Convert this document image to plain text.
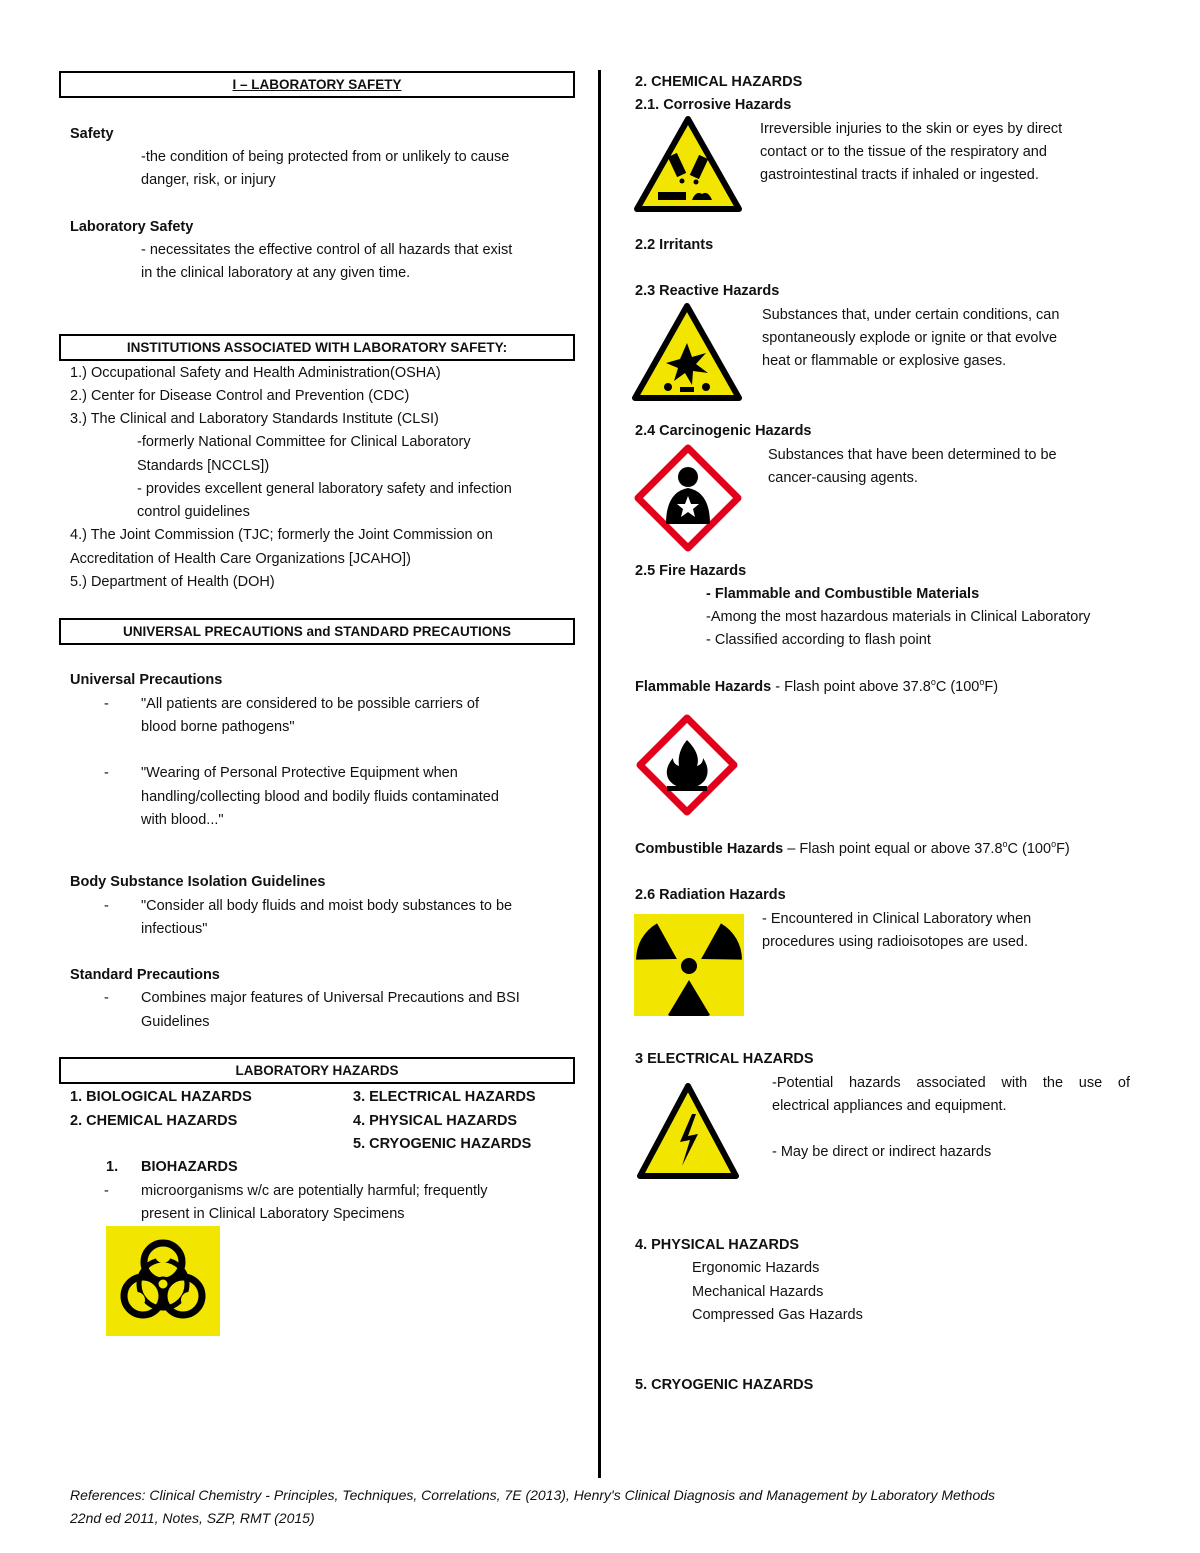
I – LABORATORY SAFETY
Safety
-the condition of being protected from or unlikely to cause
danger, risk, or injury
Laboratory Safety
- necessitates the effective control of all hazards that exist
in the clinical laboratory at any given time.
INSTITUTIONS ASSOCIATED WITH LABORATORY SAFETY:
1.) Occupational Safety and Health Administration(OSHA)
2.) Center for Disease Control and Prevention (CDC)
3.) The Clinical and Laboratory Standards Institute (CLSI)
-formerly National Committee for Clinical Laboratory
Standards [NCCLS])
- provides excellent general laboratory safety and infection
control guidelines
4.) The Joint Commission (TJC; formerly the Joint Commission on
Accreditation of Health Care Organizations [JCAHO])
5.) Department of Health (DOH)
UNIVERSAL PRECAUTIONS and STANDARD PRECAUTIONS
Universal Precautions
- "All patients are considered to be possible carriers of
blood borne pathogens"
- "Wearing of Personal Protective Equipment when
handling/collecting blood and bodily fluids contaminated
with blood..."
Body Substance Isolation Guidelines
- "Consider all body fluids and moist body substances to be
infectious"
Standard Precautions
- Combines major features of Universal Precautions and BSI
Guidelines
LABORATORY HAZARDS
1. BIOLOGICAL HAZARDS
2. CHEMICAL HAZARDS
3. ELECTRICAL HAZARDS
4. PHYSICAL HAZARDS
5. CRYOGENIC HAZARDS
1. BIOHAZARDS
- microorganisms w/c are potentially harmful; frequently
present in Clinical Laboratory Specimens
2. CHEMICAL HAZARDS
2.1. Corrosive Hazards
Irreversible injuries to the skin or eyes by direct
contact or to the tissue of the respiratory and
gastrointestinal tracts if inhaled or ingested.
2.2 Irritants
2.3 Reactive Hazards
Substances that, under certain conditions, can
spontaneously explode or ignite or that evolve
heat or flammable or explosive gases.
2.4 Carcinogenic Hazards
Substances that have been determined to be
cancer-causing agents.
2.5 Fire Hazards
- Flammable and Combustible Materials
-Among the most hazardous materials in Clinical Laboratory
- Classified according to flash point
Flammable Hazards - Flash point above 37.8$^o$C (100$^o$F)
Combustible Hazards – Flash point equal or above 37.8$^o$C (100$^o$F)
2.6 Radiation Hazards
- Encountered in Clinical Laboratory when
procedures using radioisotopes are used.
3 ELECTRICAL HAZARDS
-Potential hazards associated with the use of
electrical appliances and equipment.
- May be direct or indirect hazards
4. PHYSICAL HAZARDS
Ergonomic Hazards
Mechanical Hazards
Compressed Gas Hazards
5. CRYOGENIC HAZARDS
References: Clinical Chemistry - Principles, Techniques, Correlations, 7E (2013), Henry's Clinical Diagnosis and Management by Laboratory Methods
22nd ed 2011, Notes, SZP, RMT (2015)
